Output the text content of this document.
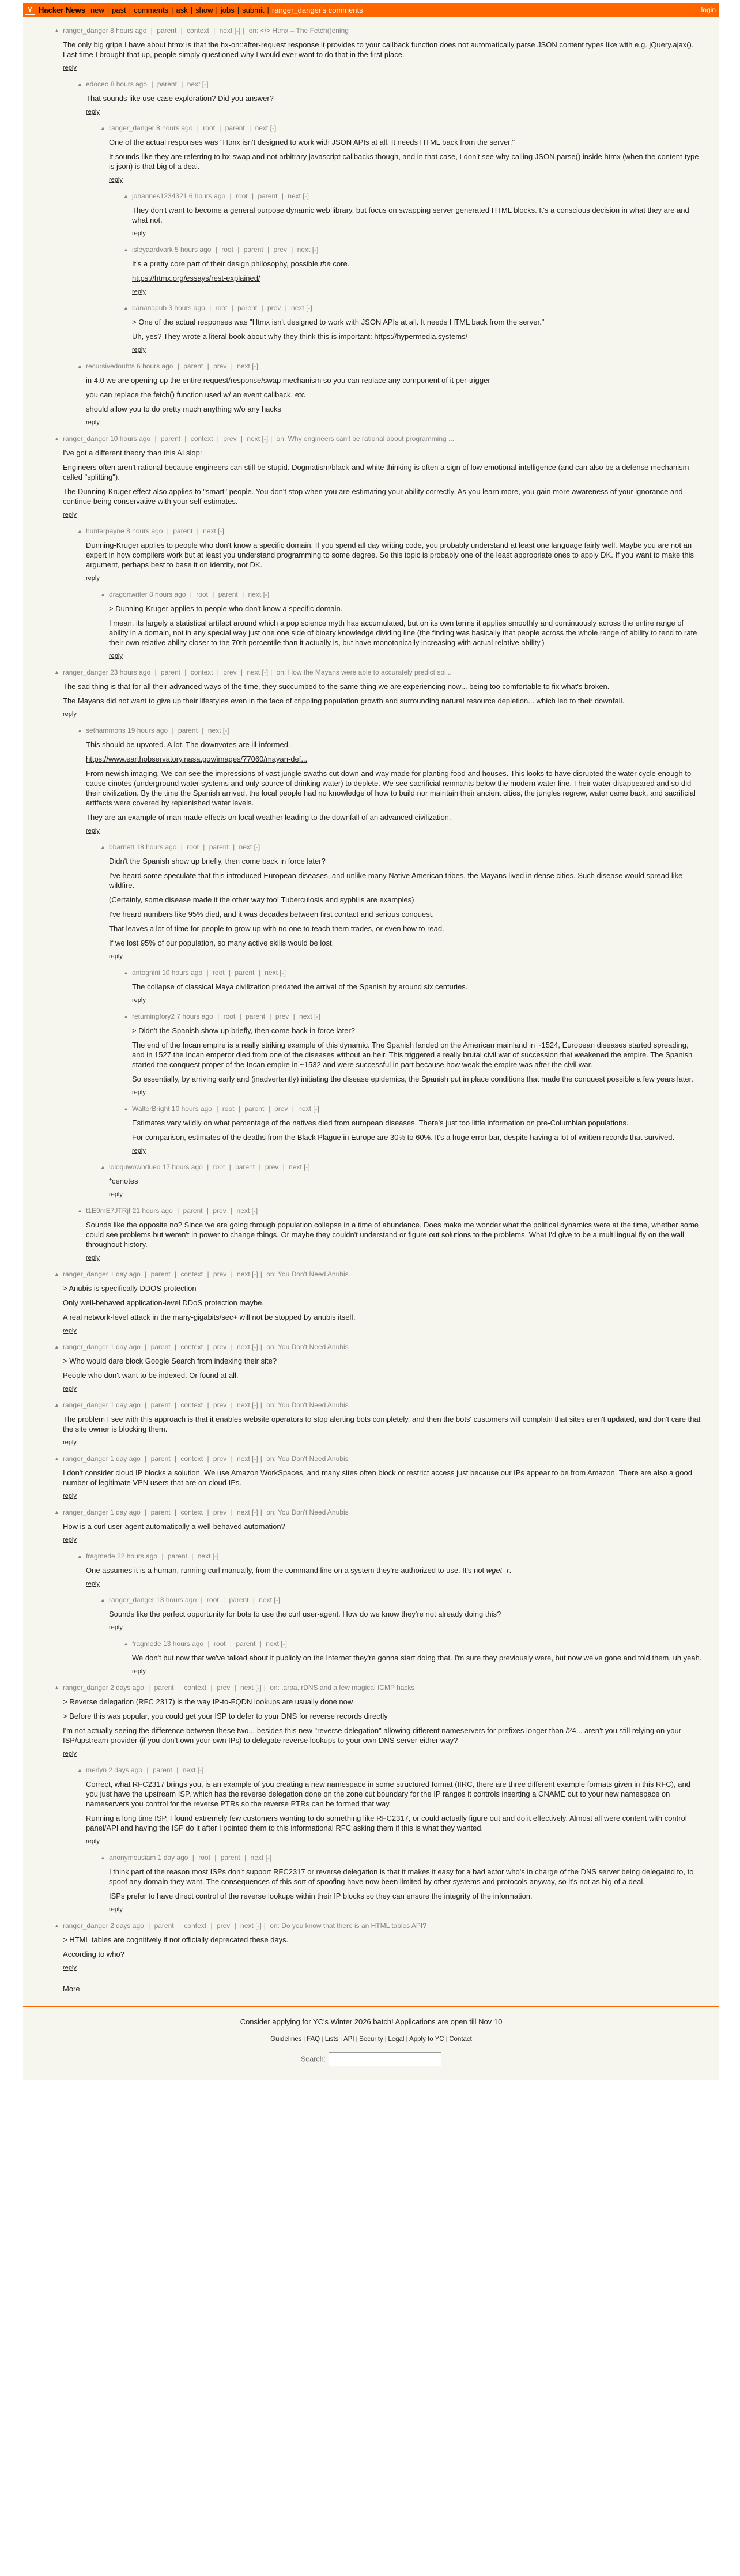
Y Hacker News new | past | comments | ask | show | jobs | submit | ranger_danger's comments	login
▲ ranger_danger 8 hours ago | parent | context | next [-] | on: </> Htmx – The Fetch()ening

The only big gripe I have about htmx is that the hx-on::after-request response it provides to your callback function does not automatically parse JSON content types like with e.g. jQuery.ajax(). Last time I brought that up, people simply questioned why I would ever want to do that in the first place.

reply
▲ edoceo 8 hours ago | parent | next [-]

That sounds like use-case exploration? Did you answer?

reply
▲ ranger_danger 8 hours ago | root | parent | next [-]

One of the actual responses was "Htmx isn't designed to work with JSON APIs at all. It needs HTML back from the server."

It sounds like they are referring to hx-swap and not arbitrary javascript callbacks though, and in that case, I don't see why calling JSON.parse() inside htmx (when the content-type is json) is that big of a deal.

reply
▲ johannes1234321 6 hours ago | root | parent | next [-]

They don't want to become a general purpose dynamic web library, but focus on swapping server generated HTML blocks. It's a conscious decision in what they are and what not.

reply
▲ isleyaardvark 5 hours ago | root | parent | prev | next [-]

It's a pretty core part of their design philosophy, possible the core.

https://htmx.org/essays/rest-explained/

reply
▲ bananapub 3 hours ago | root | parent | prev | next [-]

> One of the actual responses was "Htmx isn't designed to work with JSON APIs at all. It needs HTML back from the server."

Uh, yes? They wrote a literal book about why they think this is important: https://hypermedia.systems/

reply
▲ recursivedoubts 6 hours ago | parent | prev | next [-]

in 4.0 we are opening up the entire request/response/swap mechanism so you can replace any component of it per-trigger

you can replace the fetch() function used w/ an event callback, etc

should allow you to do pretty much anything w/o any hacks

reply
▲ ranger_danger 10 hours ago | parent | context | prev | next [-] | on: Why engineers can't be rational about programming ...

I've got a different theory than this AI slop:

Engineers often aren't rational because engineers can still be stupid. Dogmatism/black-and-white thinking is often a sign of low emotional intelligence (and can also be a defense mechanism called "splitting").

The Dunning-Kruger effect also applies to "smart" people. You don't stop when you are estimating your ability correctly. As you learn more, you gain more awareness of your ignorance and continue being conservative with your self estimates.

reply
▲ hunterpayne 8 hours ago | parent | next [-]

Dunning-Kruger applies to people who don't know a specific domain. If you spend all day writing code, you probably understand at least one language fairly well. Maybe you are not an expert in how compilers work but at least you understand programming to some degree. So this topic is probably one of the least appropriate ones to apply DK. If you want to make this argument, perhaps best to base it on identity, not DK.

reply
▲ dragonwriter 8 hours ago | root | parent | next [-]

> Dunning-Kruger applies to people who don't know a specific domain.

I mean, its largely a statistical artifact around which a pop science myth has accumulated, but on its own terms it applies smoothly and continuously across the entire range of ability in a domain, not in any special way just one one side of binary knowledge dividing line (the finding was basically that people across the whole range of ability to tend to rate their own relative ability closer to the 70th percentile than it actually is, but have monotonically increasing with actual relative ability.)

reply
▲ ranger_danger 23 hours ago | parent | context | prev | next [-] | on: How the Mayans were able to accurately predict sol...

The sad thing is that for all their advanced ways of the time, they succumbed to the same thing we are experiencing now... being too comfortable to fix what's broken.

The Mayans did not want to give up their lifestyles even in the face of crippling population growth and surrounding natural resource depletion... which led to their downfall.

reply
▲ sethammons 19 hours ago | parent | next [-]

This should be upvoted. A lot. The downvotes are ill-informed.

https://www.earthobservatory.nasa.gov/images/77060/mayan-def...

From newish imaging. We can see the impressions of vast jungle swaths cut down and way made for planting food and houses. This looks to have disrupted the water cycle enough to cause cinotes (underground water systems and only source of drinking water) to deplete. We see sacrificial remnants below the modern water line. Their water disappeared and so did their civilization. By the time the Spanish arrived, the local people had no knowledge of how to build nor maintain their ancient cities, the jungles regrew, water came back, and sacrificial artifacts were covered by replenished water levels.

They are an example of man made effects on local weather leading to the downfall of an advanced civilization.

reply
▲ bbarnett 18 hours ago | root | parent | next [-]

Didn't the Spanish show up briefly, then come back in force later?

I've heard some speculate that this introduced European diseases, and unlike many Native American tribes, the Mayans lived in dense cities. Such disease would spread like wildfire.

(Certainly, some disease made it the other way too! Tuberculosis and syphilis are examples)

I've heard numbers like 95% died, and it was decades between first contact and serious conquest.

That leaves a lot of time for people to grow up with no one to teach them trades, or even how to read.

If we lost 95% of our population, so many active skills would be lost.

reply
▲ antognini 10 hours ago | root | parent | next [-]

The collapse of classical Maya civilization predated the arrival of the Spanish by around six centuries.

reply
▲ returningfory2 7 hours ago | root | parent | prev | next [-]

> Didn't the Spanish show up briefly, then come back in force later?

The end of the Incan empire is a really striking example of this dynamic. The Spanish landed on the American mainland in ~1524, European diseases started spreading, and in 1527 the Incan emperor died from one of the diseases without an heir. This triggered a really brutal civil war of succession that weakened the empire. The Spanish started the conquest proper of the Incan empire in ~1532 and were successful in part because how weak the empire was after the civil war.

So essentially, by arriving early and (inadvertently) initiating the disease epidemics, the Spanish put in place conditions that made the conquest possible a few years later.

reply
▲ WalterBright 10 hours ago | root | parent | prev | next [-]

Estimates vary wildly on what percentage of the natives died from european diseases. There's just too little information on pre-Columbian populations.

For comparison, estimates of the deaths from the Black Plague in Europe are 30% to 60%. It's a huge error bar, despite having a lot of written records that survived.

reply
▲ loloquwowndueo 17 hours ago | root | parent | prev | next [-]

*cenotes

reply
▲ t1E9mE7JTRjf 21 hours ago | parent | prev | next [-]

Sounds like the opposite no? Since we are going through population collapse in a time of abundance. Does make me wonder what the political dynamics were at the time, whether some could see problems but weren't in power to change things. Or maybe they couldn't understand or figure out solutions to the problems. What I'd give to be a multilingual fly on the wall throughout history.

reply
▲ ranger_danger 1 day ago | parent | context | prev | next [-] | on: You Don't Need Anubis

> Anubis is specifically DDOS protection

Only well-behaved application-level DDoS protection maybe.

A real network-level attack in the many-gigabits/sec+ will not be stopped by anubis itself.

reply
▲ ranger_danger 1 day ago | parent | context | prev | next [-] | on: You Don't Need Anubis

> Who would dare block Google Search from indexing their site?

People who don't want to be indexed. Or found at all.

reply
▲ ranger_danger 1 day ago | parent | context | prev | next [-] | on: You Don't Need Anubis

The problem I see with this approach is that it enables website operators to stop alerting bots completely, and then the bots' customers will complain that sites aren't updated, and don't care that the site owner is blocking them.

reply
▲ ranger_danger 1 day ago | parent | context | prev | next [-] | on: You Don't Need Anubis

I don't consider cloud IP blocks a solution. We use Amazon WorkSpaces, and many sites often block or restrict access just because our IPs appear to be from Amazon. There are also a good number of legitimate VPN users that are on cloud IPs.

reply
▲ ranger_danger 1 day ago | parent | context | prev | next [-] | on: You Don't Need Anubis

How is a curl user-agent automatically a well-behaved automation?

reply
▲ fragmede 22 hours ago | parent | next [-]

One assumes it is a human, running curl manually, from the command line on a system they're authorized to use. It's not wget -r.

reply
▲ ranger_danger 13 hours ago | root | parent | next [-]

Sounds like the perfect opportunity for bots to use the curl user-agent. How do we know they're not already doing this?

reply
▲ fragmede 13 hours ago | root | parent | next [-]

We don't but now that we've talked about it publicly on the Internet they're gonna start doing that. I'm sure they previously were, but now we've gone and told them, uh yeah.

reply
▲ ranger_danger 2 days ago | parent | context | prev | next [-] | on: .arpa, rDNS and a few magical ICMP hacks

> Reverse delegation (RFC 2317) is the way IP-to-FQDN lookups are usually done now

> Before this was popular, you could get your ISP to defer to your DNS for reverse records directly

I'm not actually seeing the difference between these two... besides this new "reverse delegation" allowing different nameservers for prefixes longer than /24... aren't you still relying on your ISP/upstream provider (if you don't own your own IPs) to delegate reverse lookups to your own DNS server either way?

reply
▲ merlyn 2 days ago | parent | next [-]

Correct, what RFC2317 brings you, is an example of you creating a new namespace in some structured format (IIRC, there are three different example formats given in this RFC), and you just have the upstream ISP, which has the reverse delegation done on the zone cut boundary for the IP ranges it controls inserting a CNAME out to your new namespace on nameservers you control for the reverse PTRs so the reverse PTRs can be formed that way.

Running a long time ISP, I found extremely few customers wanting to do something like RFC2317, or could actually figure out and do it effectively. Almost all were content with control panel/API and having the ISP do it after I pointed them to this informational RFC asking them if this is what they wanted.

reply
▲ anonymousiam 1 day ago | root | parent | next [-]

I think part of the reason most ISPs don't support RFC2317 or reverse delegation is that it makes it easy for a bad actor who's in charge of the DNS server being delegated to, to spoof any domain they want. The consequences of this sort of spoofing have now been limited by other systems and protocols anyway, so it's not as big of a deal.

ISPs prefer to have direct control of the reverse lookups within their IP blocks so they can ensure the integrity of the information.

reply
▲ ranger_danger 2 days ago | parent | context | prev | next [-] | on: Do you know that there is an HTML tables API?

> HTML tables are cognitively if not officially deprecated these days.

According to who?

reply
More
Consider applying for YC's Winter 2026 batch! Applications are open till Nov 10
Guidelines | FAQ | Lists | API | Security | Legal | Apply to YC | Contact
Search:
